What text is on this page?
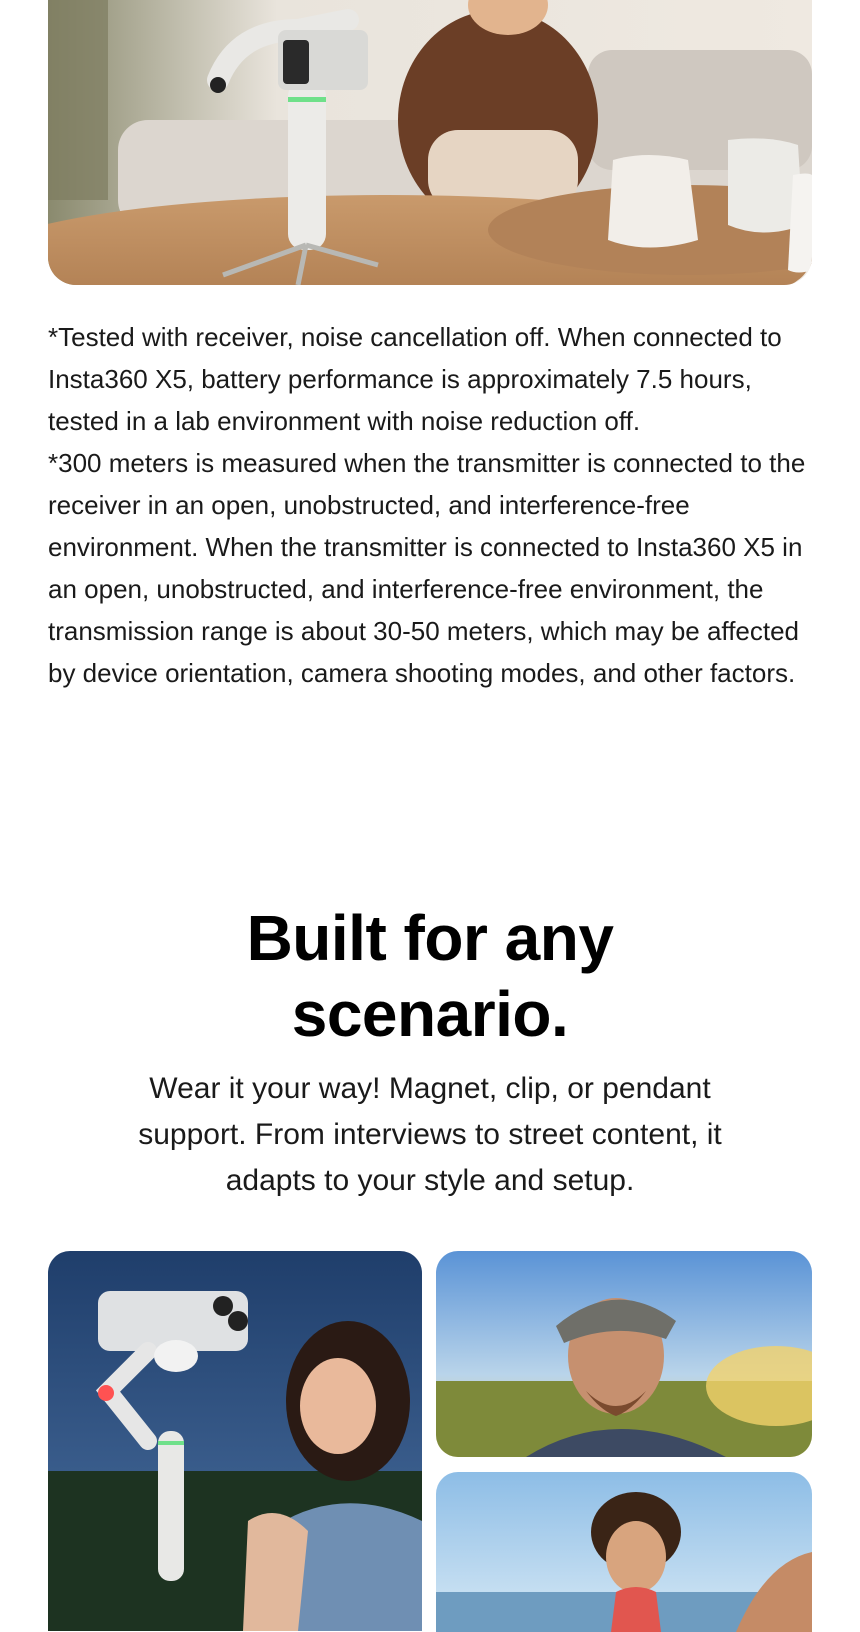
*Tested with receiver, noise cancellation off. When connected to Insta360 X5, battery performance is approximately 7.5 hours, tested in a lab environment with noise reduction off.

*300 meters is measured when the transmitter is connected to the receiver in an open, unobstructed, and interference-free environment. When the transmitter is connected to Insta360 X5 in an open, unobstructed, and interference-free environment, the transmission range is about 30-50 meters, which may be affected by device orientation, camera shooting modes, and other factors.

Built for any
scenario.

Wear it your way! Magnet, clip, or pendant support. From interviews to street content, it adapts to your style and setup.
